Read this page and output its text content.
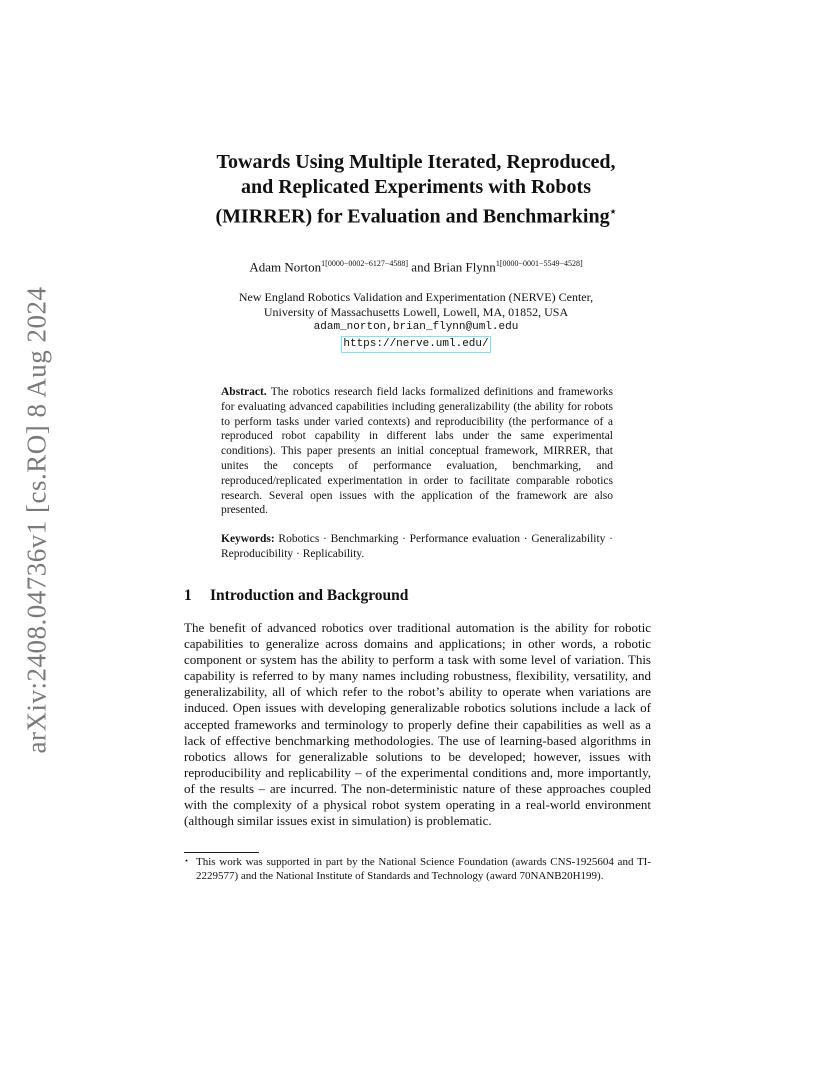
arXiv:2408.04736v1 [cs.RO] 8 Aug 2024
Towards Using Multiple Iterated, Reproduced,
and Replicated Experiments with Robots
(MIRRER) for Evaluation and Benchmarking⋆
Adam Norton$^{1[0000-0002-6127-4588]}$ and Brian Flynn$^{1[0000-0001-5549-4528]}$
New England Robotics Validation and Experimentation (NERVE) Center,
University of Massachusetts Lowell, Lowell, MA, 01852, USA
adam_norton,brian_flynn@uml.edu
https://nerve.uml.edu/
Abstract. The robotics research field lacks formalized definitions and frameworks for evaluating advanced capabilities including generalizability (the ability for robots to perform tasks under varied contexts) and reproducibility (the performance of a reproduced robot capability in different labs under the same experimental conditions). This paper presents an initial conceptual framework, MIRRER, that unites the concepts of performance evaluation, benchmarking, and reproduced/replicated experimentation in order to facilitate comparable robotics research. Several open issues with the application of the framework are also presented.
Keywords: Robotics · Benchmarking · Performance evaluation · Generalizability · Reproducibility · Replicability.
1 Introduction and Background
The benefit of advanced robotics over traditional automation is the ability for robotic capabilities to generalize across domains and applications; in other words, a robotic component or system has the ability to perform a task with some level of variation. This capability is referred to by many names including robustness, flexibility, versatility, and generalizability, all of which refer to the robot’s ability to operate when variations are induced. Open issues with developing generalizable robotics solutions include a lack of accepted frameworks and terminology to properly define their capabilities as well as a lack of effective benchmarking methodologies. The use of learning-based algorithms in robotics allows for generalizable solutions to be developed; however, issues with reproducibility and replicability – of the experimental conditions and, more importantly, of the results – are incurred. The non-deterministic nature of these approaches coupled with the complexity of a physical robot system operating in a real-world environment (although similar issues exist in simulation) is problematic.
⋆ This work was supported in part by the National Science Foundation (awards CNS-1925604 and TI-2229577) and the National Institute of Standards and Technology (award 70NANB20H199).
